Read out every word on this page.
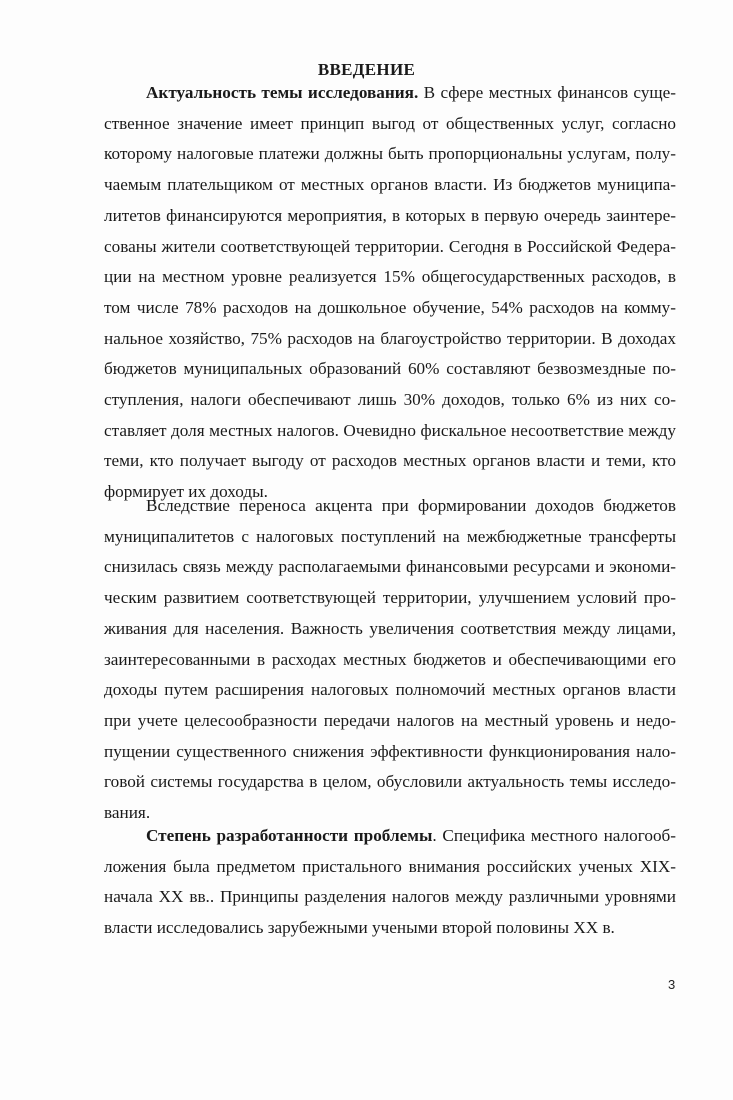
ВВЕДЕНИЕ
Актуальность темы исследования. В сфере местных финансов суще-
ственное значение имеет принцип выгод от общественных услуг, согласно
которому налоговые платежи должны быть пропорциональны услугам, полу-
чаемым плательщиком от местных органов власти. Из бюджетов муниципа-
литетов финансируются мероприятия, в которых в первую очередь заинтере-
сованы жители соответствующей территории. Сегодня в Российской Федера-
ции на местном уровне реализуется 15% общегосударственных расходов, в
том числе 78% расходов на дошкольное обучение, 54% расходов на комму-
нальное хозяйство, 75% расходов на благоустройство территории. В доходах
бюджетов муниципальных образований 60% составляют безвозмездные по-
ступления, налоги обеспечивают лишь 30% доходов, только 6% из них со-
ставляет доля местных налогов. Очевидно фискальное несоответствие между
теми, кто получает выгоду от расходов местных органов власти и теми, кто
формирует их доходы.
Вследствие переноса акцента при формировании доходов бюджетов
муниципалитетов с налоговых поступлений на межбюджетные трансферты
снизилась связь между располагаемыми финансовыми ресурсами и экономи-
ческим развитием соответствующей территории, улучшением условий про-
живания для населения. Важность увеличения соответствия между лицами,
заинтересованными в расходах местных бюджетов и обеспечивающими его
доходы путем расширения налоговых полномочий местных органов власти
при учете целесообразности передачи налогов на местный уровень и недо-
пущении существенного снижения эффективности функционирования нало-
говой системы государства в целом, обусловили актуальность темы исследо-
вания.
Степень разработанности проблемы. Специфика местного налогооб-
ложения была предметом пристального внимания российских ученых XIX-
начала XX вв.. Принципы разделения налогов между различными уровнями
власти исследовались зарубежными учеными второй половины XX в.
3
